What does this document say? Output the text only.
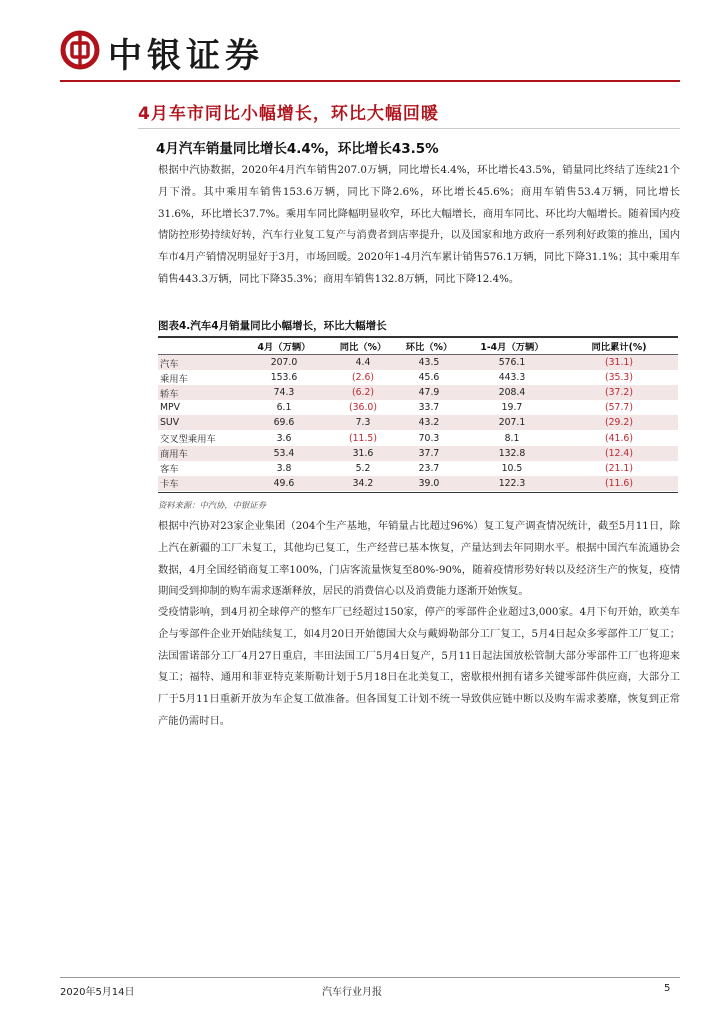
中银证券
4月车市同比小幅增长，环比大幅回暖
4月汽车销量同比增长4.4%，环比增长43.5%
根据中汽协数据，2020年4月汽车销售207.0万辆，同比增长4.4%，环比增长43.5%，销量同比终结了连续21个月下滑。其中乘用车销售153.6万辆，同比下降2.6%，环比增长45.6%；商用车销售53.4万辆，同比增长31.6%，环比增长37.7%。乘用车同比降幅明显收窄，环比大幅增长，商用车同比、环比均大幅增长。随着国内疫情防控形势持续好转，汽车行业复工复产与消费者到店率提升，以及国家和地方政府一系列利好政策的推出，国内车市4月产销情况明显好于3月，市场回暖。2020年1-4月汽车累计销售576.1万辆，同比下降31.1%；其中乘用车销售443.3万辆，同比下降35.3%；商用车销售132.8万辆，同比下降12.4%。
图表4.汽车4月销量同比小幅增长，环比大幅增长
	4月（万辆）	同比（%）	环比（%）	1-4月（万辆）	同比累计(%)
汽车	207.0	4.4	43.5	576.1	(31.1)
乘用车	153.6	(2.6)	45.6	443.3	(35.3)
轿车	74.3	(6.2)	47.9	208.4	(37.2)
MPV	6.1	(36.0)	33.7	19.7	(57.7)
SUV	69.6	7.3	43.2	207.1	(29.2)
交叉型乘用车	3.6	(11.5)	70.3	8.1	(41.6)
商用车	53.4	31.6	37.7	132.8	(12.4)
客车	3.8	5.2	23.7	10.5	(21.1)
卡车	49.6	34.2	39.0	122.3	(11.6)
资料来源：中汽协，中银证券
根据中汽协对23家企业集团（204个生产基地，年销量占比超过96%）复工复产调查情况统计，截至5月11日，除上汽在新疆的工厂未复工，其他均已复工，生产经营已基本恢复，产量达到去年同期水平。根据中国汽车流通协会数据，4月全国经销商复工率100%，门店客流量恢复至80%-90%，随着疫情形势好转以及经济生产的恢复，疫情期间受到抑制的购车需求逐渐释放，居民的消费信心以及消费能力逐渐开始恢复。
受疫情影响，到4月初全球停产的整车厂已经超过150家，停产的零部件企业超过3,000家。4月下旬开始，欧美车企与零部件企业开始陆续复工，如4月20日开始德国大众与戴姆勒部分工厂复工，5月4日起众多零部件工厂复工；法国雷诺部分工厂4月27日重启，丰田法国工厂5月4日复产，5月11日起法国放松管制大部分零部件工厂也将迎来复工；福特、通用和菲亚特克莱斯勒计划于5月18日在北美复工，密歇根州拥有诸多关键零部件供应商，大部分工厂于5月11日重新开放为车企复工做准备。但各国复工计划不统一导致供应链中断以及购车需求萎靡，恢复到正常产能仍需时日。
2020年5月14日	汽车行业月报	5
